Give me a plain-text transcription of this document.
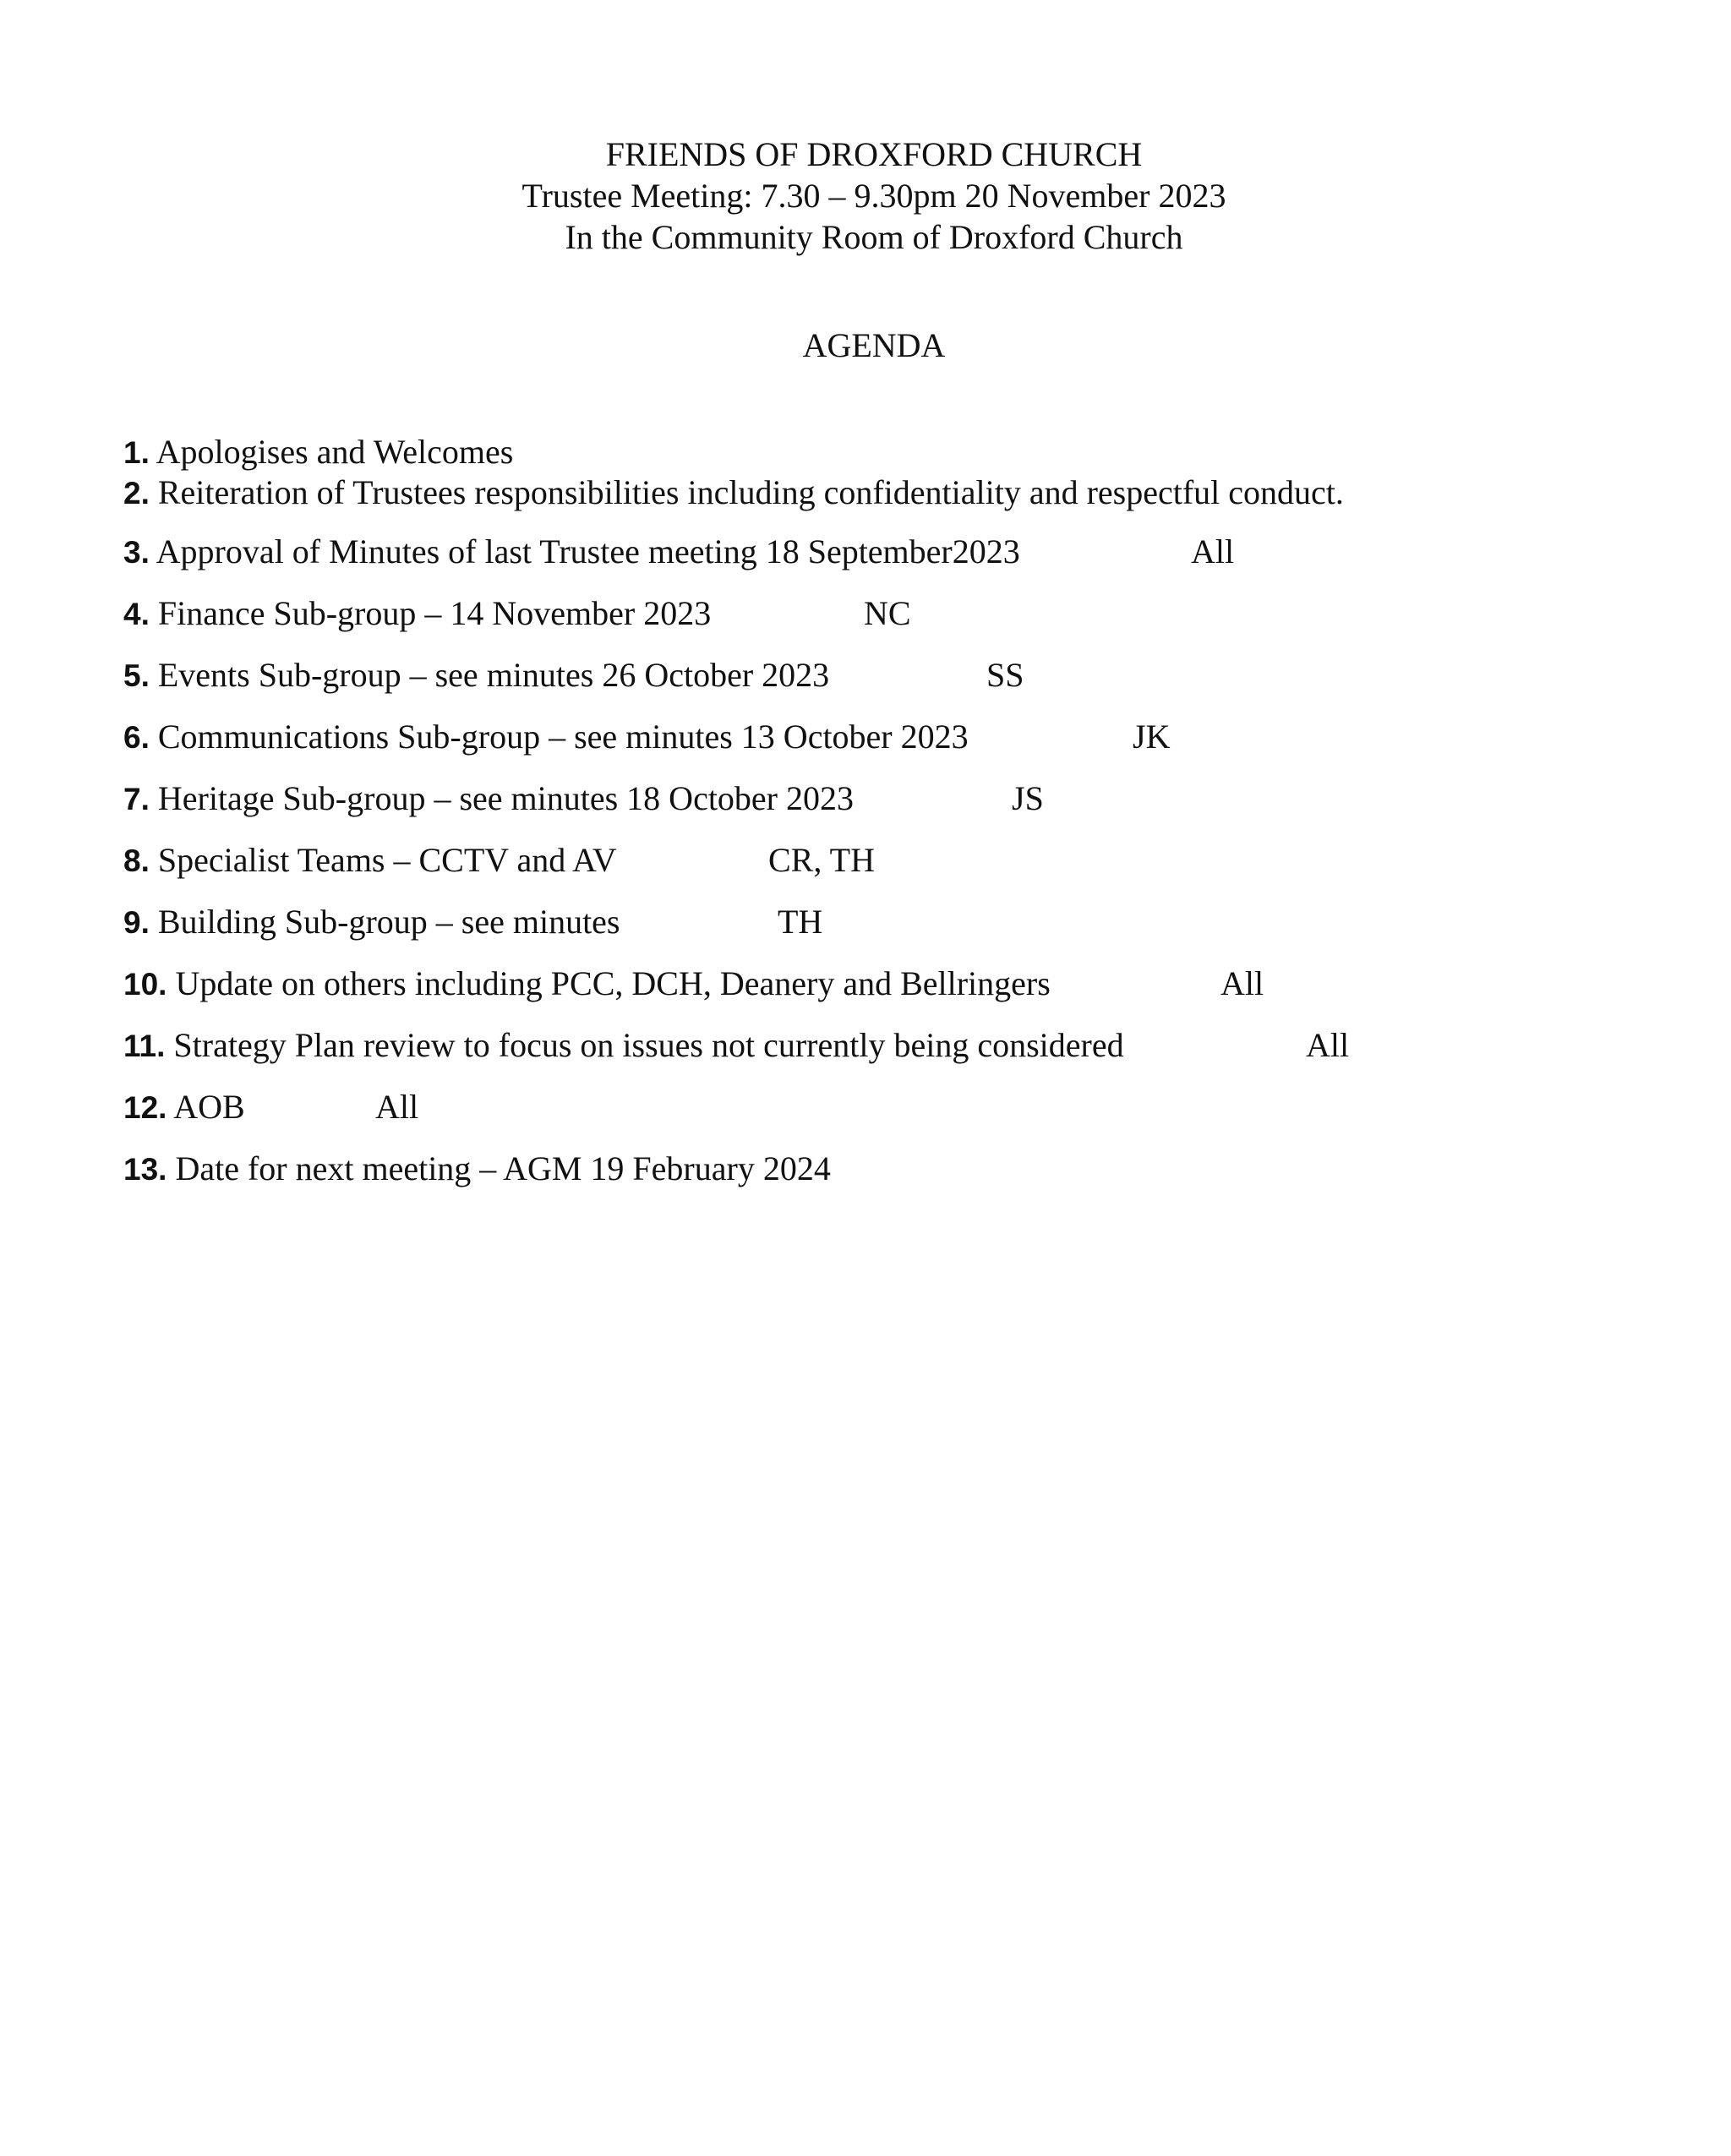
FRIENDS OF DROXFORD CHURCH
Trustee Meeting: 7.30 – 9.30pm 20 November 2023
In the Community Room of Droxford Church
AGENDA
1. Apologises and Welcomes
2. Reiteration of Trustees responsibilities including confidentiality and respectful conduct.
3. Approval of Minutes of last Trustee meeting 18 September2023	All
4. Finance Sub-group – 14 November 2023	NC
5. Events Sub-group – see minutes 26 October 2023	SS
6. Communications Sub-group – see minutes 13 October 2023	JK
7. Heritage Sub-group – see minutes 18 October 2023	JS
8. Specialist Teams – CCTV and AV	CR, TH
9. Building Sub-group – see minutes	TH
10. Update on others including PCC, DCH, Deanery and Bellringers	All
11. Strategy Plan review to focus on issues not currently being considered	All
12. AOB	All
13. Date for next meeting – AGM 19 February 2024
